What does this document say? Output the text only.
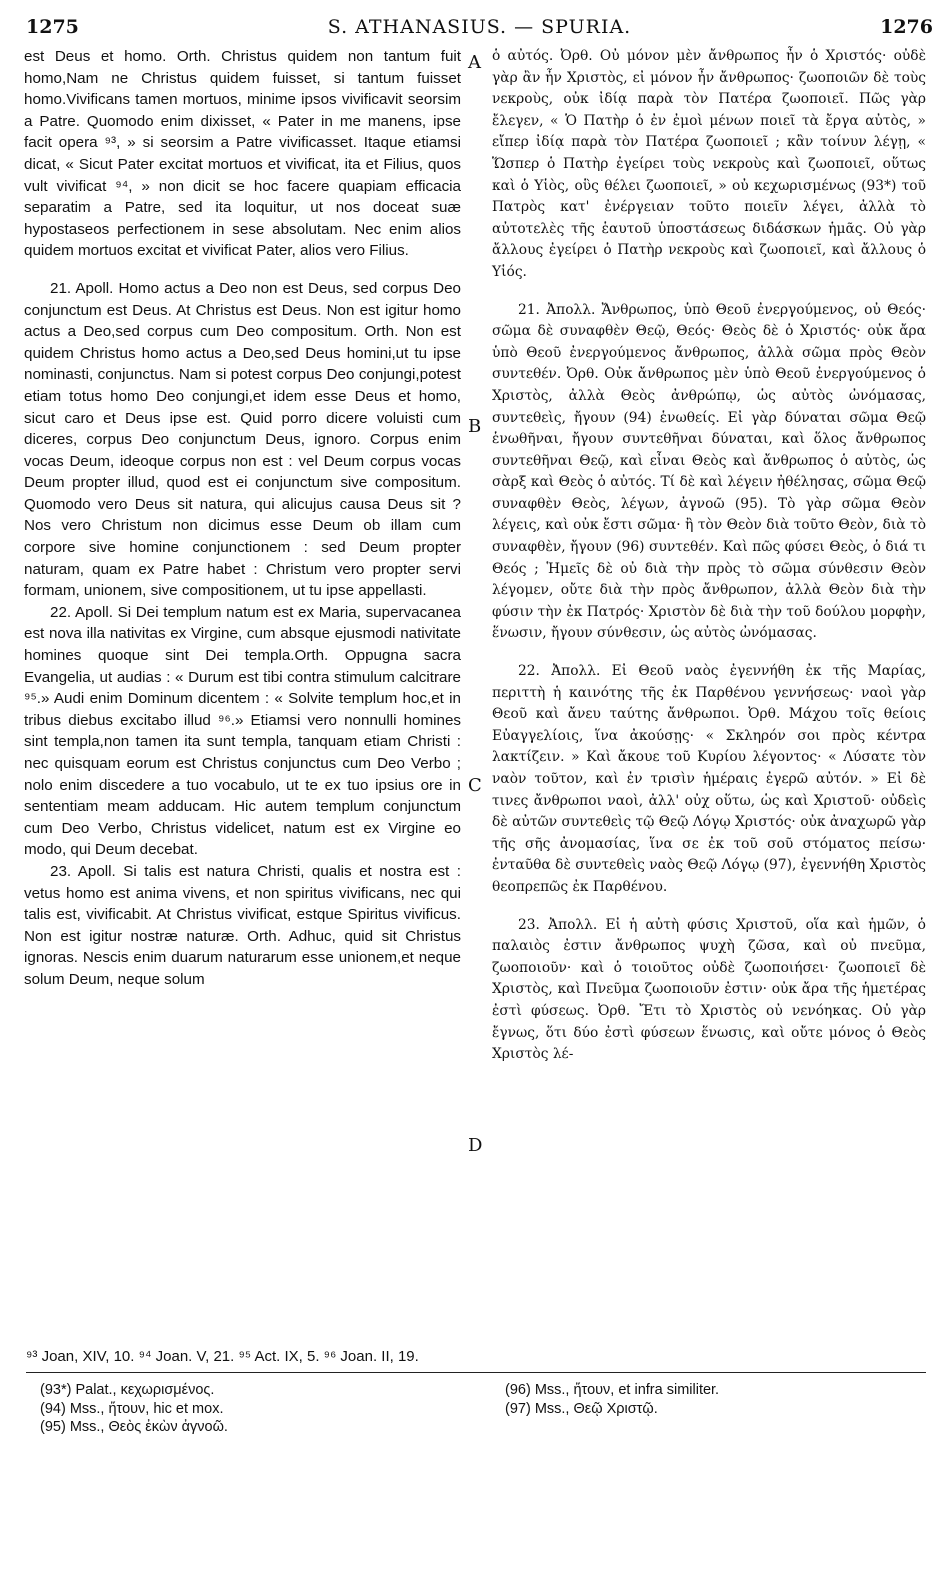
1275	S. ATHANASIUS. — SPURIA.	1276

est Deus et homo. Orth. Christus quidem non tantum fuit homo,Nam ne Christus quidem fuisset, si tantum fuisset homo.Vivificans tamen mortuos, minime ipsos vivificavit seorsim a Patre. Quomodo enim dixisset, « Pater in me manens, ipse facit opera ⁹³, » si seorsim a Patre vivificasset. Itaque etiamsi dicat, « Sicut Pater excitat mortuos et vivificat, ita et Filius, quos vult vivificat ⁹⁴, » non dicit se hoc facere quapiam efficacia separatim a Patre, sed ita loquitur, ut nos doceat suæ hypostaseos perfectionem in sese absolutam. Nec enim alios quidem mortuos excitat et vivificat Pater, alios vero Filius.

21. Apoll. Homo actus a Deo non est Deus, sed corpus Deo conjunctum est Deus. At Christus est Deus. Non est igitur homo actus a Deo,sed corpus cum Deo compositum. Orth. Non est quidem Christus homo actus a Deo,sed Deus homini,ut tu ipse nominasti, conjunctus. Nam si potest corpus Deo conjungi,potest etiam totus homo Deo conjungi,et idem esse Deus et homo, sicut caro et Deus ipse est. Quid porro dicere voluisti cum diceres, corpus Deo conjunctum Deus, ignoro. Corpus enim vocas Deum, ideoque corpus non est : vel Deum corpus vocas Deum propter illud, quod est ei conjunctum sive compositum. Quomodo vero Deus sit natura, qui alicujus causa Deus sit ? Nos vero Christum non dicimus esse Deum ob illam cum corpore sive homine conjunctionem : sed Deum propter naturam, quam ex Patre habet : Christum vero propter servi formam, unionem, sive compositionem, ut tu ipse appellasti.

22. Apoll. Si Dei templum natum est ex Maria, supervacanea est nova illa nativitas ex Virgine, cum absque ejusmodi nativitate homines quoque sint Dei templa.Orth. Oppugna sacra Evangelia, ut audias : « Durum est tibi contra stimulum calcitrare ⁹⁵.» Audi enim Dominum dicentem : « Solvite templum hoc,et in tribus diebus excitabo illud ⁹⁶.» Etiamsi vero nonnulli homines sint templa,non tamen ita sunt templa, tanquam etiam Christi : nec quisquam eorum est Christus conjunctus cum Deo Verbo ; nolo enim discedere a tuo vocabulo, ut te ex tuo ipsius ore in sententiam meam adducam. Hic autem templum conjunctum cum Deo Verbo, Christus videlicet, natum est ex Virgine eo modo, qui Deum decebat.

23. Apoll. Si talis est natura Christi, qualis et nostra est : vetus homo est anima vivens, et non spiritus vivificans, nec qui talis est, vivificabit. At Christus vivificat, estque Spiritus vivificus. Non est igitur nostræ naturæ. Orth. Adhuc, quid sit Christus ignoras. Nescis enim duarum naturarum esse unionem,et neque solum Deum, neque solum

A
B
C
D

ὁ αὐτός. Ὀρθ. Οὐ μόνον μὲν ἄνθρωπος ἦν ὁ Χριστός· οὐδὲ γὰρ ἂν ἦν Χριστὸς, εἰ μόνον ἦν ἄνθρωπος· ζωοποιῶν δὲ τοὺς νεκροὺς, οὐκ ἰδίᾳ παρὰ τὸν Πατέρα ζωοποιεῖ. Πῶς γὰρ ἔλεγεν, « Ὁ Πατὴρ ὁ ἐν ἐμοὶ μένων ποιεῖ τὰ ἔργα αὐτὸς, » εἴπερ ἰδίᾳ παρὰ τὸν Πατέρα ζωοποιεῖ ; κἂν τοίνυν λέγῃ, « Ὥσπερ ὁ Πατὴρ ἐγείρει τοὺς νεκροὺς καὶ ζωοποιεῖ, οὕτως καὶ ὁ Υἱὸς, οὓς θέλει ζωοποιεῖ, » οὐ κεχωρισμένως (93*) τοῦ Πατρὸς κατ' ἐνέργειαν τοῦτο ποιεῖν λέγει, ἀλλὰ τὸ αὐτοτελὲς τῆς ἑαυτοῦ ὑποστάσεως διδάσκων ἡμᾶς. Οὐ γὰρ ἄλλους ἐγείρει ὁ Πατὴρ νεκροὺς καὶ ζωοποιεῖ, καὶ ἄλλους ὁ Υἱός.

21. Ἀπολλ. Ἄνθρωπος, ὑπὸ Θεοῦ ἐνεργούμενος, οὐ Θεός· σῶμα δὲ συναφθὲν Θεῷ, Θεός· Θεὸς δὲ ὁ Χριστός· οὐκ ἄρα ὑπὸ Θεοῦ ἐνεργούμενος ἄνθρωπος, ἀλλὰ σῶμα πρὸς Θεὸν συντεθέν. Ὀρθ. Οὐκ ἄνθρωπος μὲν ὑπὸ Θεοῦ ἐνεργούμενος ὁ Χριστὸς, ἀλλὰ Θεὸς ἀνθρώπῳ, ὡς αὐτὸς ὠνόμασας, συντεθεὶς, ἤγουν (94) ἑνωθείς. Εἰ γὰρ δύναται σῶμα Θεῷ ἑνωθῆναι, ἤγουν συντεθῆναι δύναται, καὶ ὅλος ἄνθρωπος συντεθῆναι Θεῷ, καὶ εἶναι Θεὸς καὶ ἄνθρωπος ὁ αὐτὸς, ὡς σὰρξ καὶ Θεὸς ὁ αὐτός. Τί δὲ καὶ λέγειν ἠθέλησας, σῶμα Θεῷ συναφθὲν Θεὸς, λέγων, ἀγνοῶ (95). Τὸ γὰρ σῶμα Θεὸν λέγεις, καὶ οὐκ ἔστι σῶμα· ἢ τὸν Θεὸν διὰ τοῦτο Θεὸν, διὰ τὸ συναφθὲν, ἤγουν (96) συντεθέν. Καὶ πῶς φύσει Θεὸς, ὁ διά τι Θεός ; Ἡμεῖς δὲ οὐ διὰ τὴν πρὸς τὸ σῶμα σύνθεσιν Θεὸν λέγομεν, οὔτε διὰ τὴν πρὸς ἄνθρωπον, ἀλλὰ Θεὸν διὰ τὴν φύσιν τὴν ἐκ Πατρός· Χριστὸν δὲ διὰ τὴν τοῦ δούλου μορφὴν, ἕνωσιν, ἤγουν σύνθεσιν, ὡς αὐτὸς ὠνόμασας.

22. Ἀπολλ. Εἰ Θεοῦ ναὸς ἐγεννήθη ἐκ τῆς Μαρίας, περιττὴ ἡ καινότης τῆς ἐκ Παρθένου γεννήσεως· ναοὶ γὰρ Θεοῦ καὶ ἄνευ ταύτης ἄνθρωποι. Ὀρθ. Μάχου τοῖς θείοις Εὐαγγελίοις, ἵνα ἀκούσῃς· « Σκληρόν σοι πρὸς κέντρα λακτίζειν. » Καὶ ἄκουε τοῦ Κυρίου λέγοντος· « Λύσατε τὸν ναὸν τοῦτον, καὶ ἐν τρισὶν ἡμέραις ἐγερῶ αὐτόν. » Εἰ δὲ τινες ἄνθρωποι ναοὶ, ἀλλ' οὐχ οὕτω, ὡς καὶ Χριστοῦ· οὐδεὶς δὲ αὐτῶν συντεθεὶς τῷ Θεῷ Λόγῳ Χριστός· οὐκ ἀναχωρῶ γὰρ τῆς σῆς ἀνομασίας, ἵνα σε ἐκ τοῦ σοῦ στόματος πείσω· ἐνταῦθα δὲ συντεθεὶς ναὸς Θεῷ Λόγῳ (97), ἐγεννήθη Χριστὸς θεοπρεπῶς ἐκ Παρθένου.

23. Ἀπολλ. Εἰ ἡ αὐτὴ φύσις Χριστοῦ, οἵα καὶ ἡμῶν, ὁ παλαιὸς ἐστιν ἄνθρωπος ψυχὴ ζῶσα, καὶ οὐ πνεῦμα, ζωοποιοῦν· καὶ ὁ τοιοῦτος οὐδὲ ζωοποιήσει· ζωοποιεῖ δὲ Χριστὸς, καὶ Πνεῦμα ζωοποιοῦν ἐστιν· οὐκ ἄρα τῆς ἡμετέρας ἐστὶ φύσεως. Ὀρθ. Ἔτι τὸ Χριστὸς οὐ νενόηκας. Οὐ γὰρ ἔγνως, ὅτι δύο ἐστὶ φύσεων ἕνωσις, καὶ οὔτε μόνος ὁ Θεὸς Χριστὸς λέ-

⁹³ Joan, XIV, 10. ⁹⁴ Joan. V, 21. ⁹⁵ Act. IX, 5. ⁹⁶ Joan. II, 19.
(93*) Palat., κεχωρισμένος.
(94) Mss., ἤτουν, hic et mox.
(95) Mss., Θεὸς ἐκὼν ἀγνοῶ.
(96) Mss., ἤτουν, et infra similiter.
(97) Mss., Θεῷ Χριστῷ.
